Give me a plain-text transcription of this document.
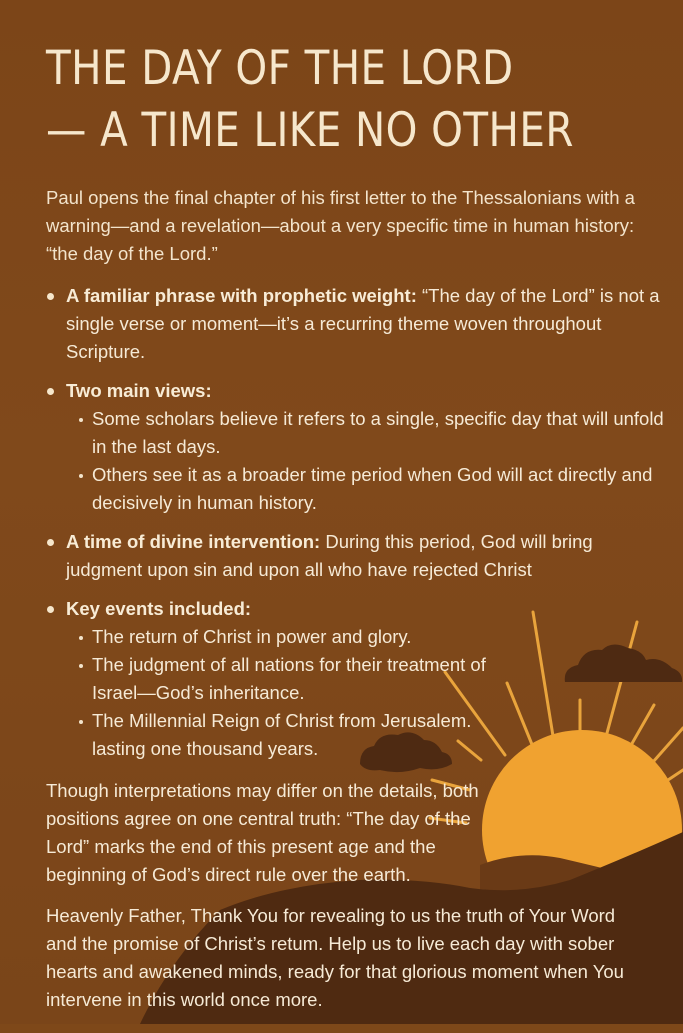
THE DAY OF THE LORD
— A TIME LIKE NO OTHER

Paul opens the final chapter of his first letter to the Thessalonians with a warning—and a revelation—about a very specific time in human history: “the day of the Lord.”

A familiar phrase with prophetic weight: “The day of the Lord” is not a single verse or moment—it’s a recurring theme woven throughout Scripture.
Two main views:
Some scholars believe it refers to a single, specific day that will unfold in the last days.
Others see it as a broader time period when God will act directly and decisively in human history.
A time of divine intervention: During this period, God will bring judgment upon sin and upon all who have rejected Christ
Key events included:
The return of Christ in power and glory.
The judgment of all nations for their treatment of Israel—God’s inheritance.
The Millennial Reign of Christ from Jerusalem. lasting one thousand years.

Though interpretations may differ on the details, both positions agree on one central truth: “The day of the Lord” marks the end of this present age and the beginning of God’s direct rule over the earth.

Heavenly Father, Thank You for revealing to us the truth of Your Word and the promise of Christ’s retum. Help us to live each day with sober hearts and awakened minds, ready for that glorious moment when You intervene in this world once more.
